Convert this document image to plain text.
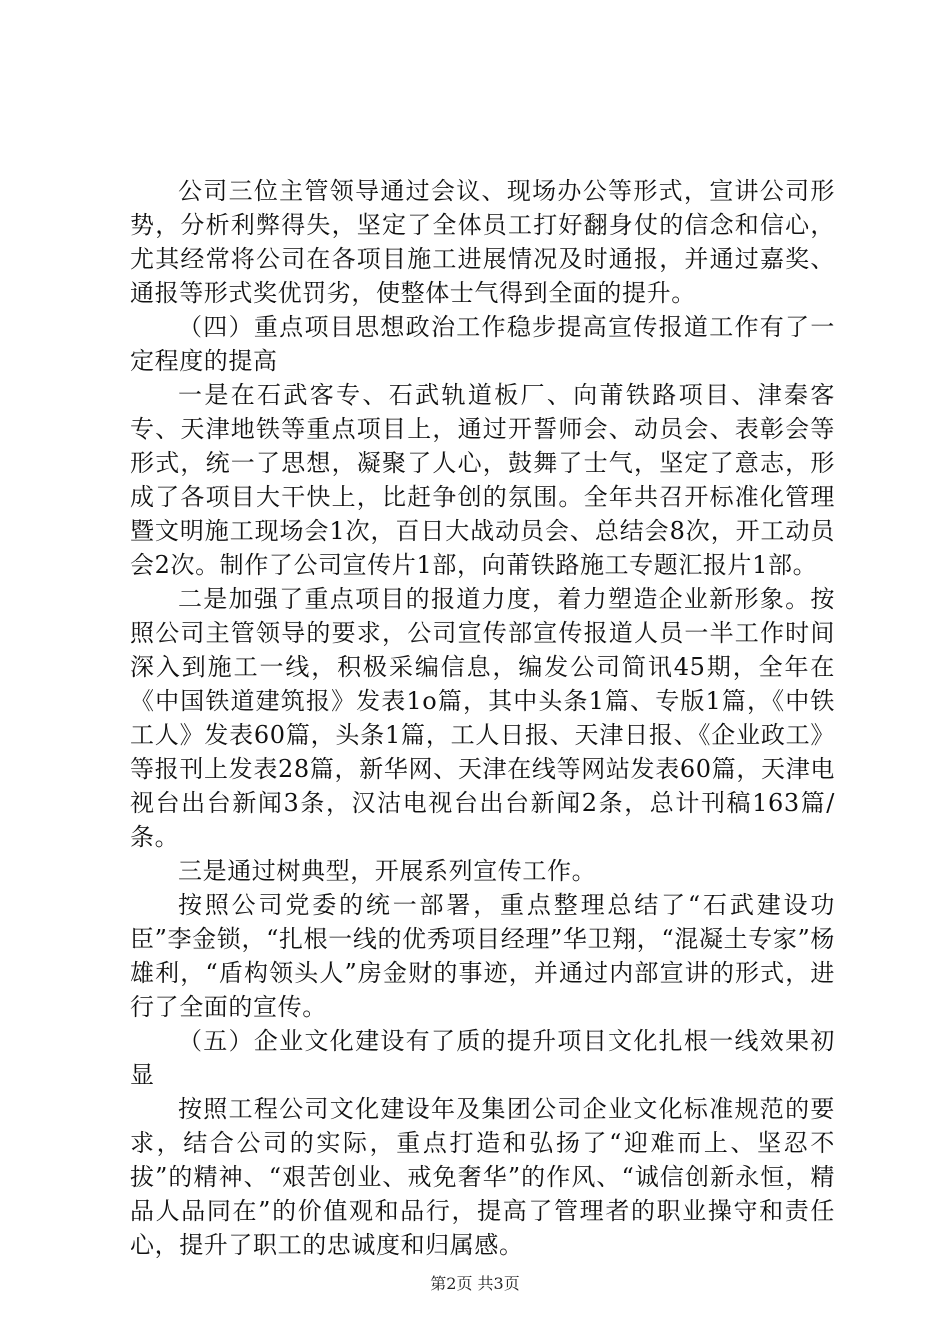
公司三位主管领导通过会议、现场办公等形式，宣讲公司形势，分析利弊得失，坚定了全体员工打好翻身仗的信念和信心，尤其经常将公司在各项目施工进展情况及时通报，并通过嘉奖、通报等形式奖优罚劣，使整体士气得到全面的提升。

（四）重点项目思想政治工作稳步提高宣传报道工作有了一定程度的提高

一是在石武客专、石武轨道板厂、向莆铁路项目、津秦客专、天津地铁等重点项目上，通过开誓师会、动员会、表彰会等形式，统一了思想，凝聚了人心，鼓舞了士气，坚定了意志，形成了各项目大干快上，比赶争创的氛围。全年共召开标准化管理暨文明施工现场会1次，百日大战动员会、总结会8次，开工动员会2次。制作了公司宣传片1部，向莆铁路施工专题汇报片1部。

二是加强了重点项目的报道力度，着力塑造企业新形象。按照公司主管领导的要求，公司宣传部宣传报道人员一半工作时间深入到施工一线，积极采编信息，编发公司简讯45期，全年在《中国铁道建筑报》发表1o篇，其中头条1篇、专版1篇，《中铁工人》发表60篇，头条1篇，工人日报、天津日报、《企业政工》等报刊上发表28篇，新华网、天津在线等网站发表60篇，天津电视台出台新闻3条，汉沽电视台出台新闻2条，总计刊稿163篇/条。

三是通过树典型，开展系列宣传工作。

按照公司党委的统一部署，重点整理总结了“石武建设功臣”李金锁，“扎根一线的优秀项目经理”华卫翔，“混凝土专家”杨雄利，“盾构领头人”房金财的事迹，并通过内部宣讲的形式，进行了全面的宣传。

（五）企业文化建设有了质的提升项目文化扎根一线效果初显

按照工程公司文化建设年及集团公司企业文化标准规范的要求，结合公司的实际，重点打造和弘扬了“迎难而上、坚忍不拔”的精神、“艰苦创业、戒免奢华”的作风、“诚信创新永恒，精品人品同在”的价值观和品行，提高了管理者的职业操守和责任心，提升了职工的忠诚度和归属感。

第2页 共3页
